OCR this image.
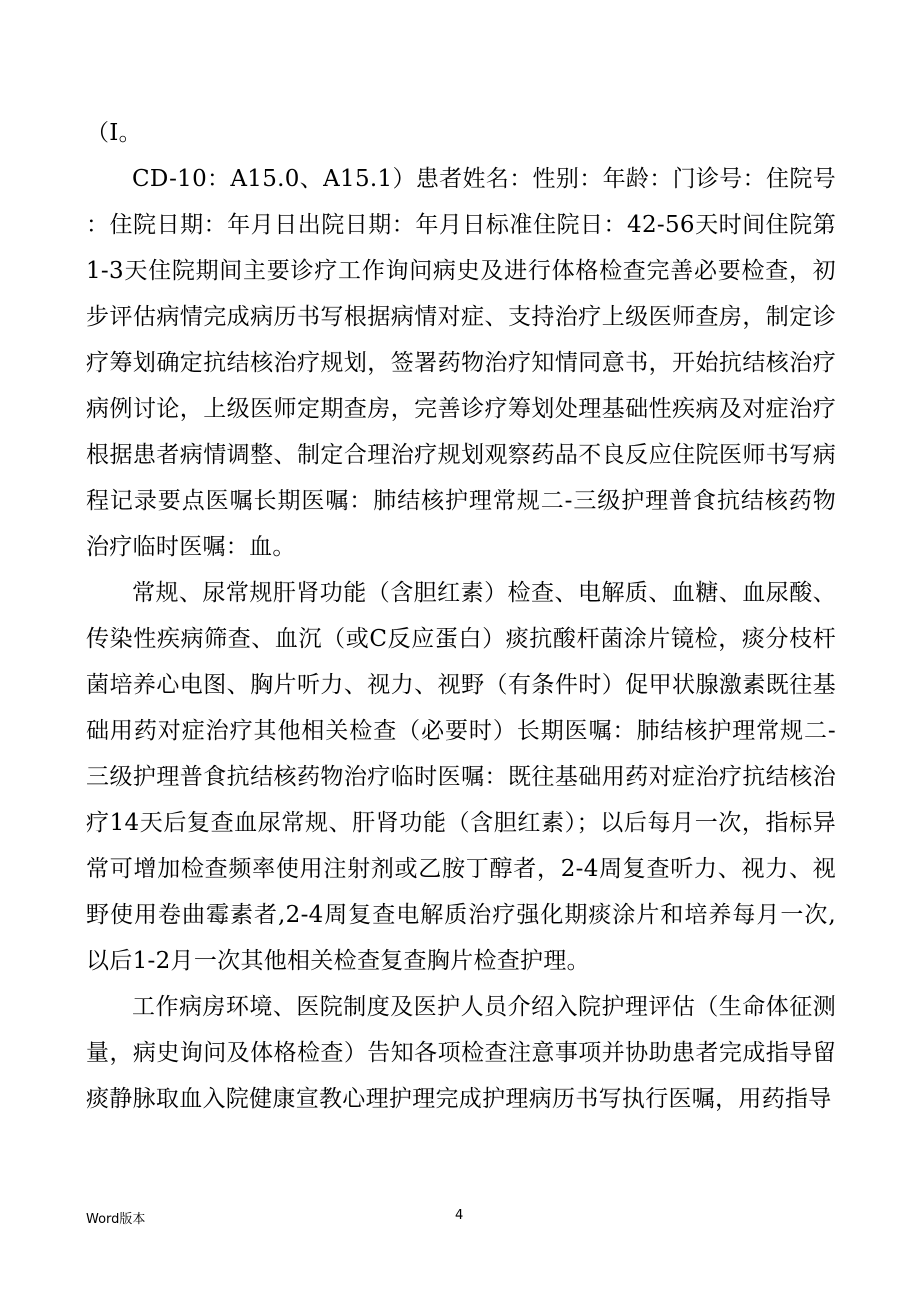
（I。

CD-10：A15.0、A15.1）患者姓名：性别：年龄：门诊号：住院号：住院日期：年月日出院日期：年月日标准住院日：42-56天时间住院第1-3天住院期间主要诊疗工作询问病史及进行体格检查完善必要检查，初步评估病情完成病历书写根据病情对症、支持治疗上级医师查房，制定诊疗筹划确定抗结核治疗规划，签署药物治疗知情同意书，开始抗结核治疗病例讨论，上级医师定期查房，完善诊疗筹划处理基础性疾病及对症治疗根据患者病情调整、制定合理治疗规划观察药品不良反应住院医师书写病程记录要点医嘱长期医嘱：肺结核护理常规二-三级护理普食抗结核药物治疗临时医嘱：血。

常规、尿常规肝肾功能（含胆红素）检查、电解质、血糖、血尿酸、传染性疾病筛查、血沉（或C反应蛋白）痰抗酸杆菌涂片镜检，痰分枝杆菌培养心电图、胸片听力、视力、视野（有条件时）促甲状腺激素既往基础用药对症治疗其他相关检查（必要时）长期医嘱：肺结核护理常规二-三级护理普食抗结核药物治疗临时医嘱：既往基础用药对症治疗抗结核治疗14天后复查血尿常规、肝肾功能（含胆红素）；以后每月一次，指标异常可增加检查频率使用注射剂或乙胺丁醇者，2-4周复查听力、视力、视野使用卷曲霉素者,2-4周复查电解质治疗强化期痰涂片和培养每月一次,以后1-2月一次其他相关检查复查胸片检查护理。

工作病房环境、医院制度及医护人员介绍入院护理评估（生命体征测量，病史询问及体格检查）告知各项检查注意事项并协助患者完成指导留痰静脉取血入院健康宣教心理护理完成护理病历书写执行医嘱，用药指导

Word版本	4
